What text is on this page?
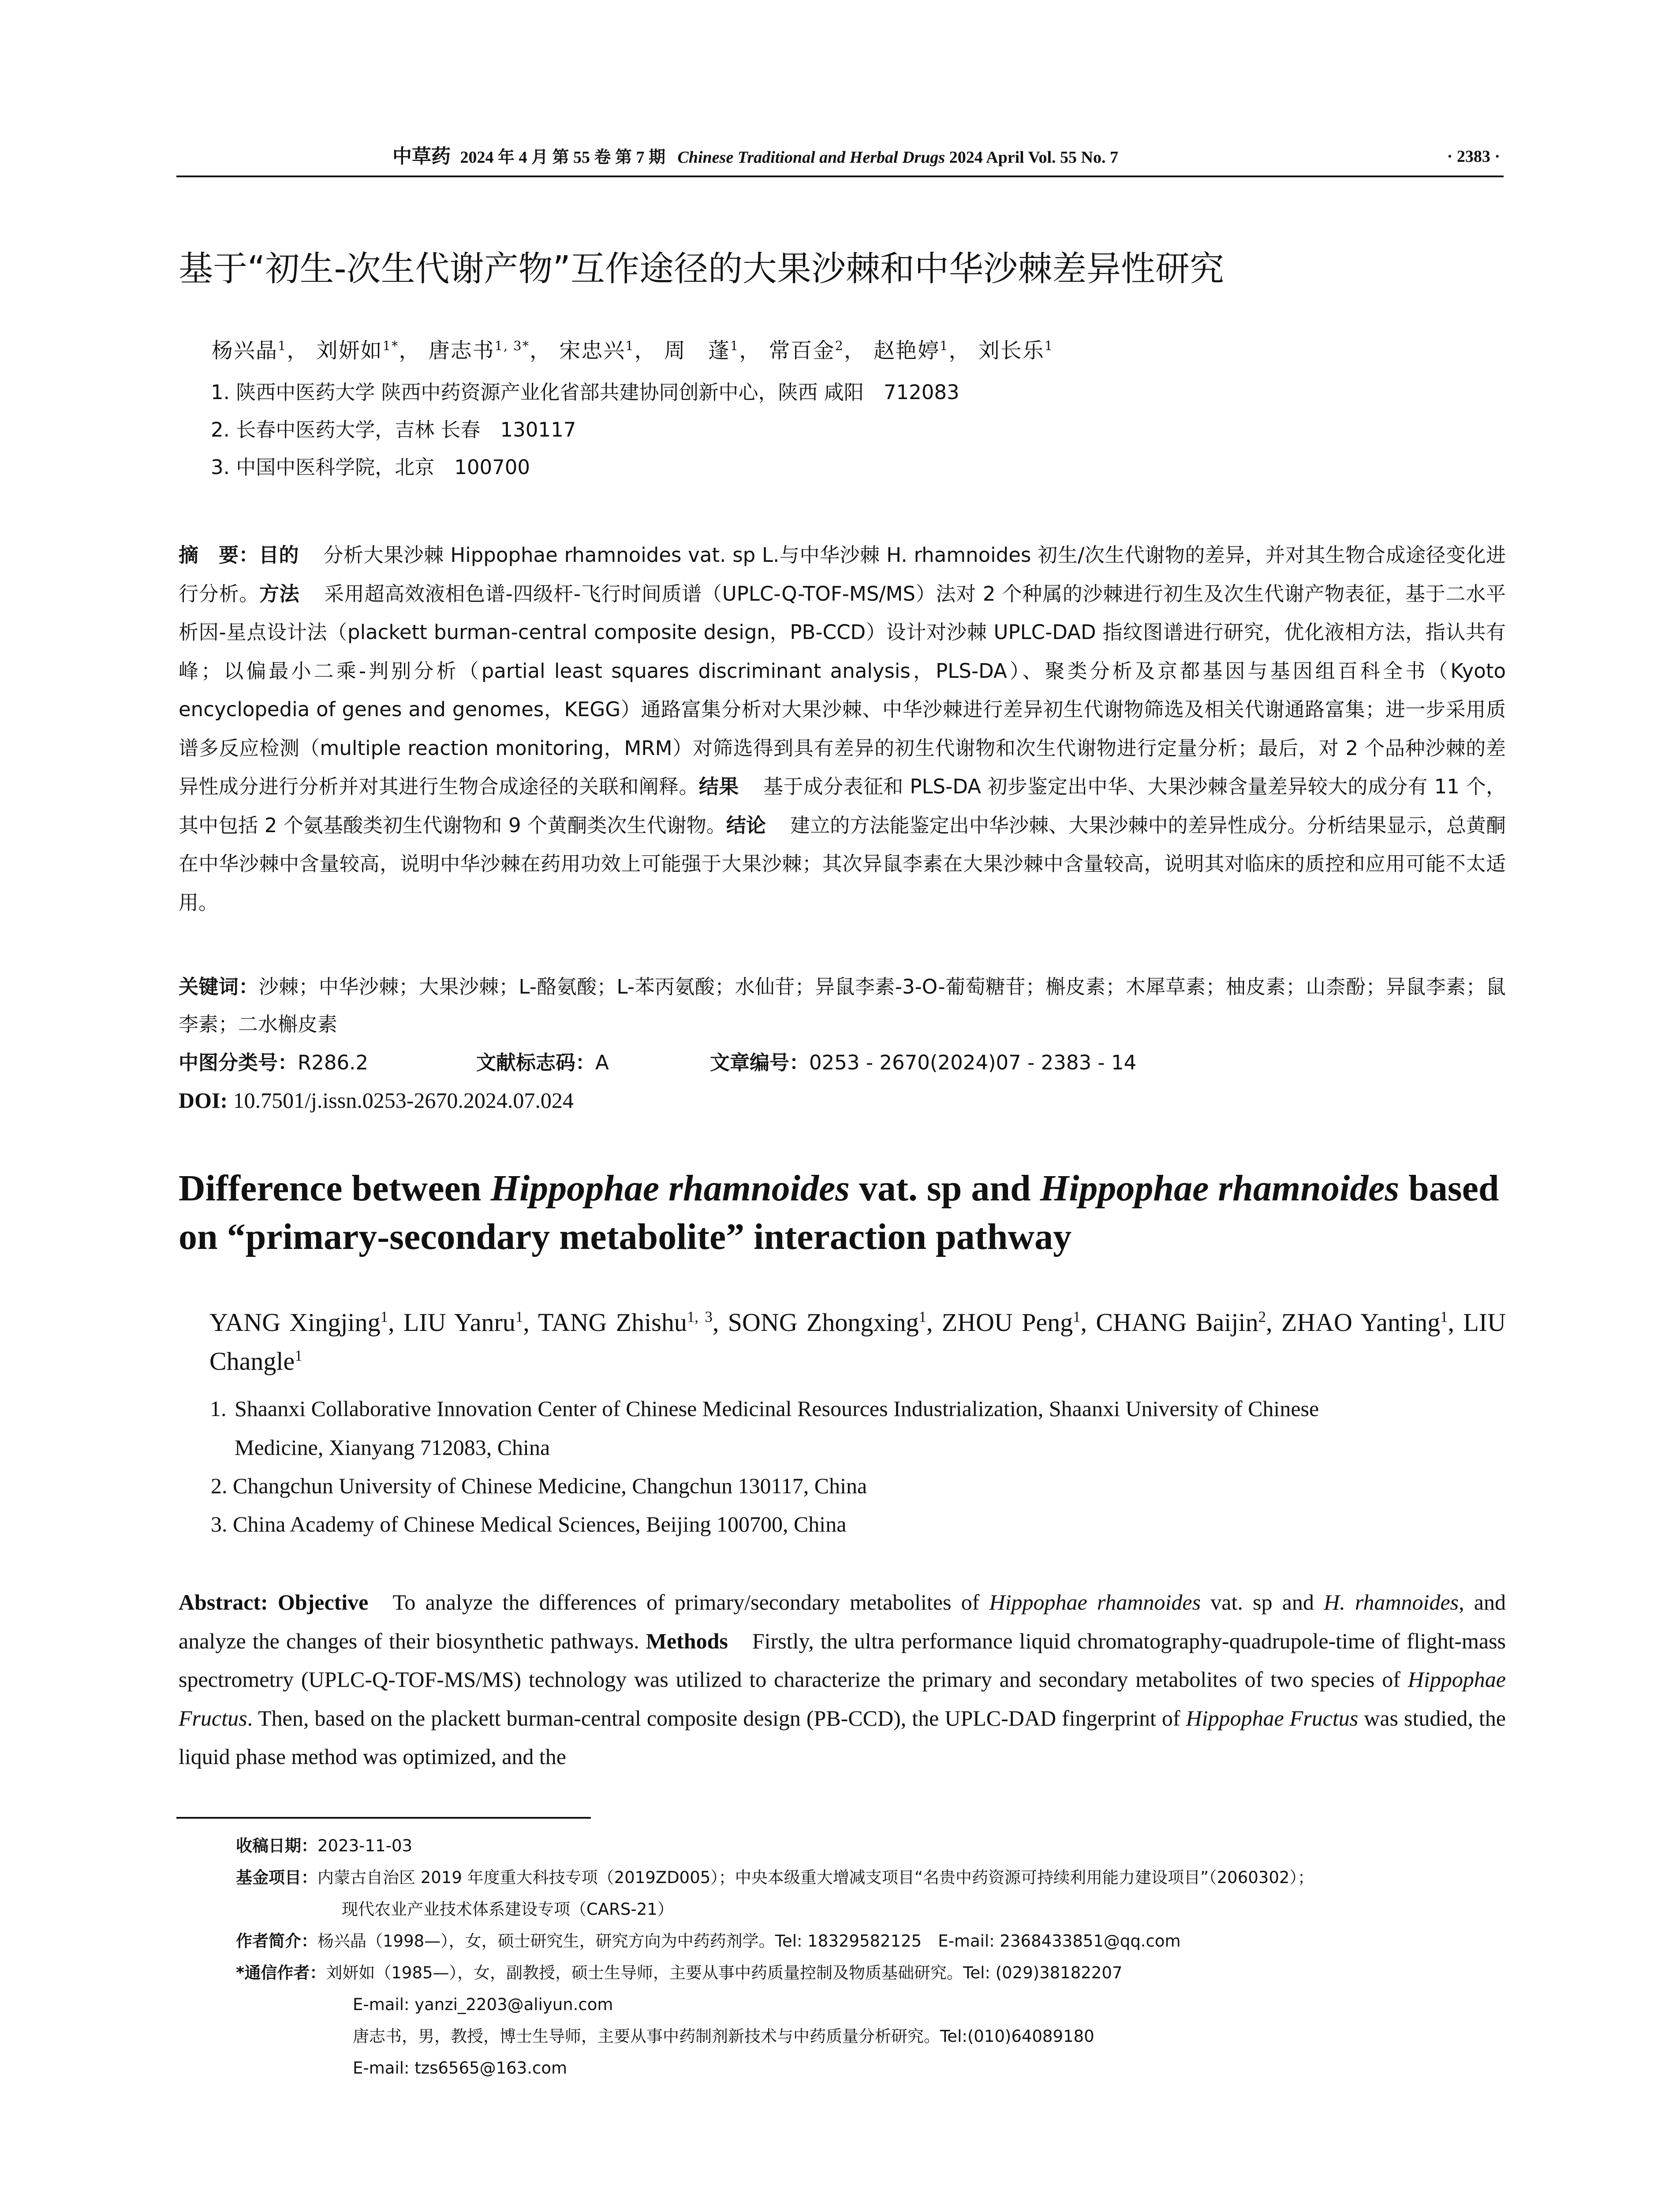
中草药 2024 年 4 月 第 55 卷 第 7 期 Chinese Traditional and Herbal Drugs 2024 April Vol. 55 No. 7	· 2383 ·
基于“初生-次生代谢产物”互作途径的大果沙棘和中华沙棘差异性研究
杨兴晶$^1$， 刘妍如$^{1*}$， 唐志书$^{1, 3*}$， 宋忠兴$^1$， 周　蓬$^1$， 常百金$^2$， 赵艳婷$^1$， 刘长乐$^1$
1. 陕西中医药大学 陕西中药资源产业化省部共建协同创新中心，陕西 咸阳　712083
2. 长春中医药大学，吉林 长春　130117
3. 中国中医科学院，北京　100700
摘　要：目的 分析大果沙棘 Hippophae rhamnoides vat. sp L.与中华沙棘 H. rhamnoides 初生/次生代谢物的差异，并对其生物合成途径变化进行分析。方法 采用超高效液相色谱-四级杆-飞行时间质谱（UPLC-Q-TOF-MS/MS）法对 2 个种属的沙棘进行初生及次生代谢产物表征，基于二水平析因-星点设计法（plackett burman-central composite design，PB-CCD）设计对沙棘 UPLC-DAD 指纹图谱进行研究，优化液相方法，指认共有峰；以偏最小二乘-判别分析（partial least squares discriminant analysis，PLS-DA）、聚类分析及京都基因与基因组百科全书（Kyoto encyclopedia of genes and genomes，KEGG）通路富集分析对大果沙棘、中华沙棘进行差异初生代谢物筛选及相关代谢通路富集；进一步采用质谱多反应检测（multiple reaction monitoring，MRM）对筛选得到具有差异的初生代谢物和次生代谢物进行定量分析；最后，对 2 个品种沙棘的差异性成分进行分析并对其进行生物合成途径的关联和阐释。结果 基于成分表征和 PLS-DA 初步鉴定出中华、大果沙棘含量差异较大的成分有 11 个，其中包括 2 个氨基酸类初生代谢物和 9 个黄酮类次生代谢物。结论 建立的方法能鉴定出中华沙棘、大果沙棘中的差异性成分。分析结果显示，总黄酮在中华沙棘中含量较高，说明中华沙棘在药用功效上可能强于大果沙棘；其次异鼠李素在大果沙棘中含量较高，说明其对临床的质控和应用可能不太适用。
关键词：沙棘；中华沙棘；大果沙棘；L-酪氨酸；L-苯丙氨酸；水仙苷；异鼠李素-3-O-葡萄糖苷；槲皮素；木犀草素；柚皮素；山柰酚；异鼠李素；鼠李素；二水槲皮素
中图分类号：R286.2	文献标志码：A	文章编号：0253 - 2670(2024)07 - 2383 - 14
DOI: 10.7501/j.issn.0253-2670.2024.07.024
Difference between Hippophae rhamnoides vat. sp and Hippophae rhamnoides based on “primary-secondary metabolite” interaction pathway
YANG Xingjing$^1$, LIU Yanru$^1$, TANG Zhishu$^{1, 3}$, SONG Zhongxing$^1$, ZHOU Peng$^1$, CHANG Baijin$^2$, ZHAO Yanting$^1$, LIU Changle$^1$
1. Shaanxi Collaborative Innovation Center of Chinese Medicinal Resources Industrialization, Shaanxi University of Chinese
Medicine, Xianyang 712083, China
2. Changchun University of Chinese Medicine, Changchun 130117, China
3. China Academy of Chinese Medical Sciences, Beijing 100700, China
Abstract: Objective To analyze the differences of primary/secondary metabolites of Hippophae rhamnoides vat. sp and H. rhamnoides, and analyze the changes of their biosynthetic pathways. Methods Firstly, the ultra performance liquid chromatography-quadrupole-time of flight-mass spectrometry (UPLC-Q-TOF-MS/MS) technology was utilized to characterize the primary and secondary metabolites of two species of Hippophae Fructus. Then, based on the plackett burman-central composite design (PB-CCD), the UPLC-DAD fingerprint of Hippophae Fructus was studied, the liquid phase method was optimized, and the
收稿日期：2023-11-03
基金项目：内蒙古自治区 2019 年度重大科技专项（2019ZD005）；中央本级重大增减支项目“名贵中药资源可持续利用能力建设项目”（2060302）；
现代农业产业技术体系建设专项（CARS-21）
作者简介：杨兴晶（1998—），女，硕士研究生，研究方向为中药药剂学。Tel: 18329582125　E-mail: 2368433851@qq.com
*通信作者：刘妍如（1985—），女，副教授，硕士生导师，主要从事中药质量控制及物质基础研究。Tel: (029)38182207
E-mail: yanzi_2203@aliyun.com
唐志书，男，教授，博士生导师，主要从事中药制剂新技术与中药质量分析研究。Tel:(010)64089180
E-mail: tzs6565@163.com
